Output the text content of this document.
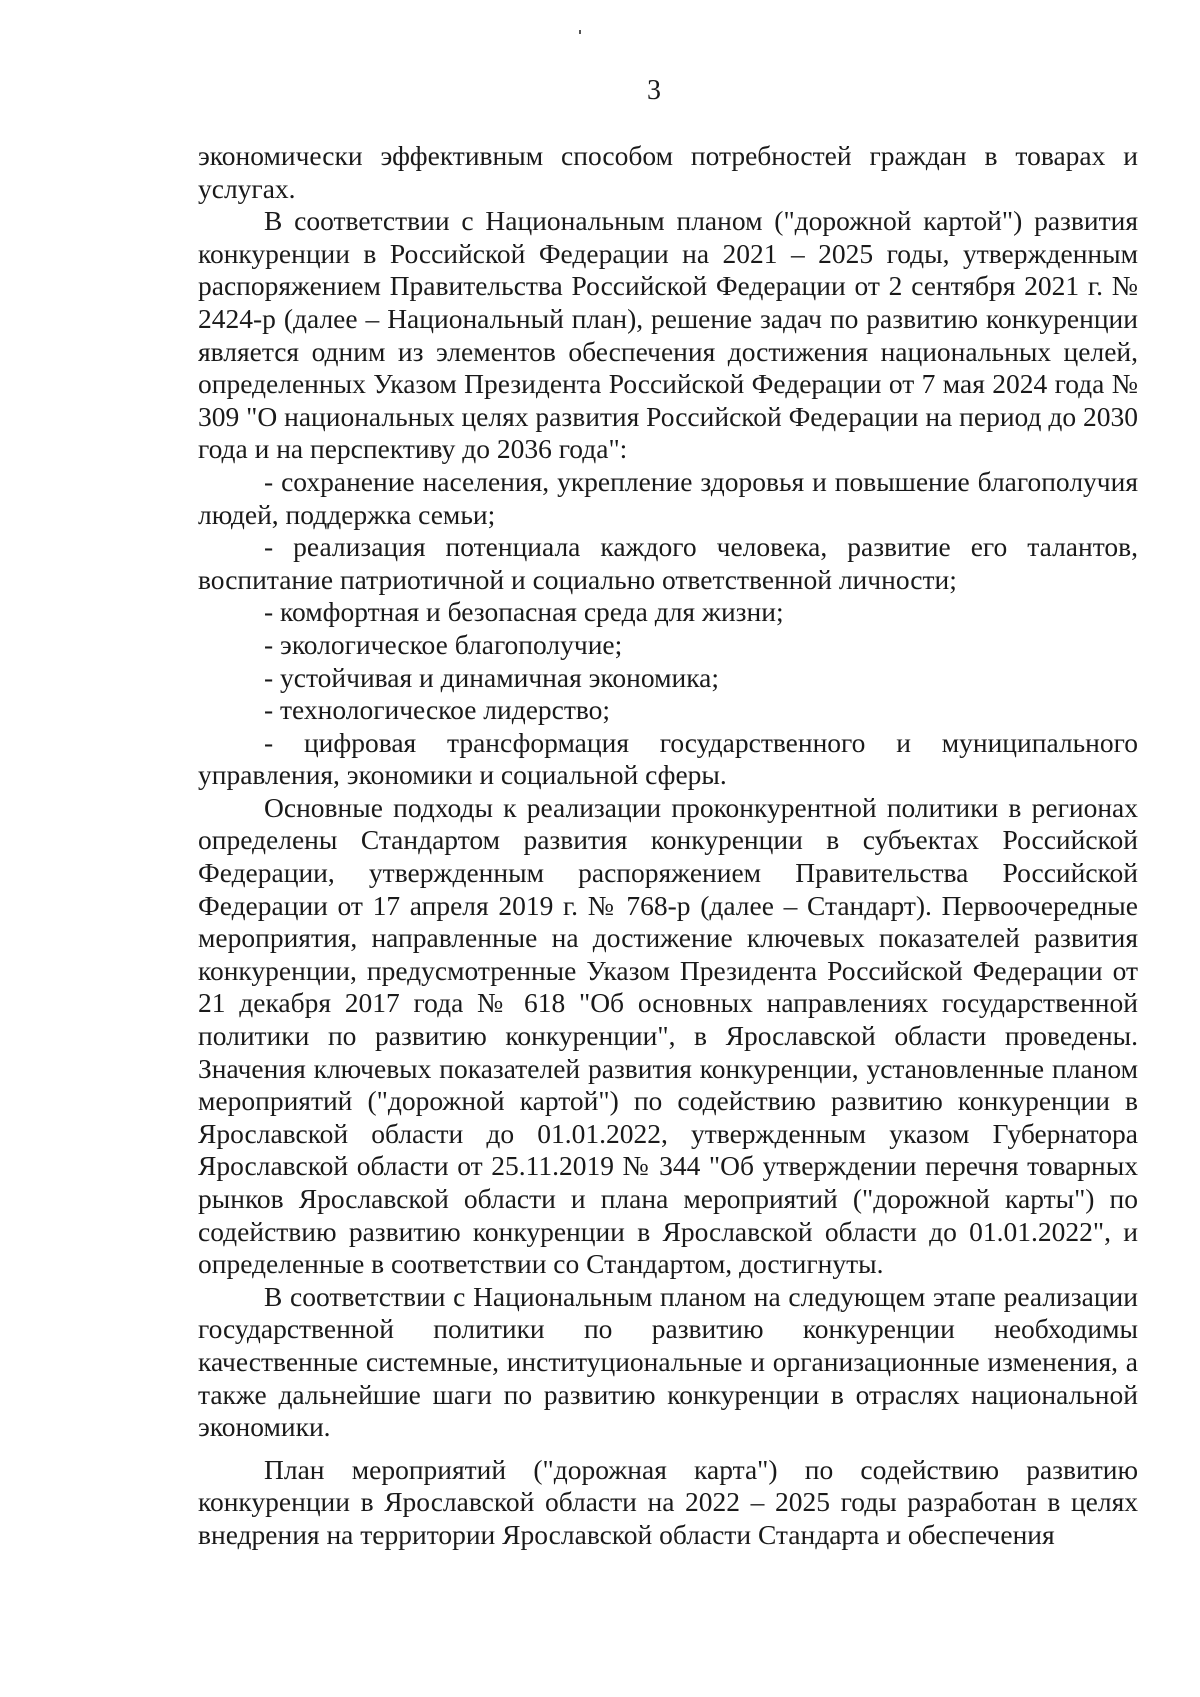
3

экономически эффективным способом потребностей граждан в товарах и услугах.

В соответствии с Национальным планом ("дорожной картой") развития конкуренции в Российской Федерации на 2021 – 2025 годы, утвержденным распоряжением Правительства Российской Федерации от 2 сентября 2021 г. № 2424-р (далее – Национальный план), решение задач по развитию конкуренции является одним из элементов обеспечения достижения национальных целей, определенных Указом Президента Российской Федерации от 7 мая 2024 года № 309 "О национальных целях развития Российской Федерации на период до 2030 года и на перспективу до 2036 года":

- сохранение населения, укрепление здоровья и повышение благополучия людей, поддержка семьи;

- реализация потенциала каждого человека, развитие его талантов, воспитание патриотичной и социально ответственной личности;

- комфортная и безопасная среда для жизни;

- экологическое благополучие;

- устойчивая и динамичная экономика;

- технологическое лидерство;

- цифровая трансформация государственного и муниципального управления, экономики и социальной сферы.

Основные подходы к реализации проконкурентной политики в регионах определены Стандартом развития конкуренции в субъектах Российской Федерации, утвержденным распоряжением Правительства Российской Федерации от 17 апреля 2019 г. № 768-р (далее – Стандарт). Первоочередные мероприятия, направленные на достижение ключевых показателей развития конкуренции, предусмотренные Указом Президента Российской Федерации от 21 декабря 2017 года № 618 "Об основных направлениях государственной политики по развитию конкуренции", в Ярославской области проведены. Значения ключевых показателей развития конкуренции, установленные планом мероприятий ("дорожной картой") по содействию развитию конкуренции в Ярославской области до 01.01.2022, утвержденным указом Губернатора Ярославской области от 25.11.2019 № 344 "Об утверждении перечня товарных рынков Ярославской области и плана мероприятий ("дорожной карты") по содействию развитию конкуренции в Ярославской области до 01.01.2022", и определенные в соответствии со Стандартом, достигнуты.

В соответствии с Национальным планом на следующем этапе реализации государственной политики по развитию конкуренции необходимы качественные системные, институциональные и организационные изменения, а также дальнейшие шаги по развитию конкуренции в отраслях национальной экономики.

План мероприятий ("дорожная карта") по содействию развитию конкуренции в Ярославской области на 2022 – 2025 годы разработан в целях внедрения на территории Ярославской области Стандарта и обеспечения
